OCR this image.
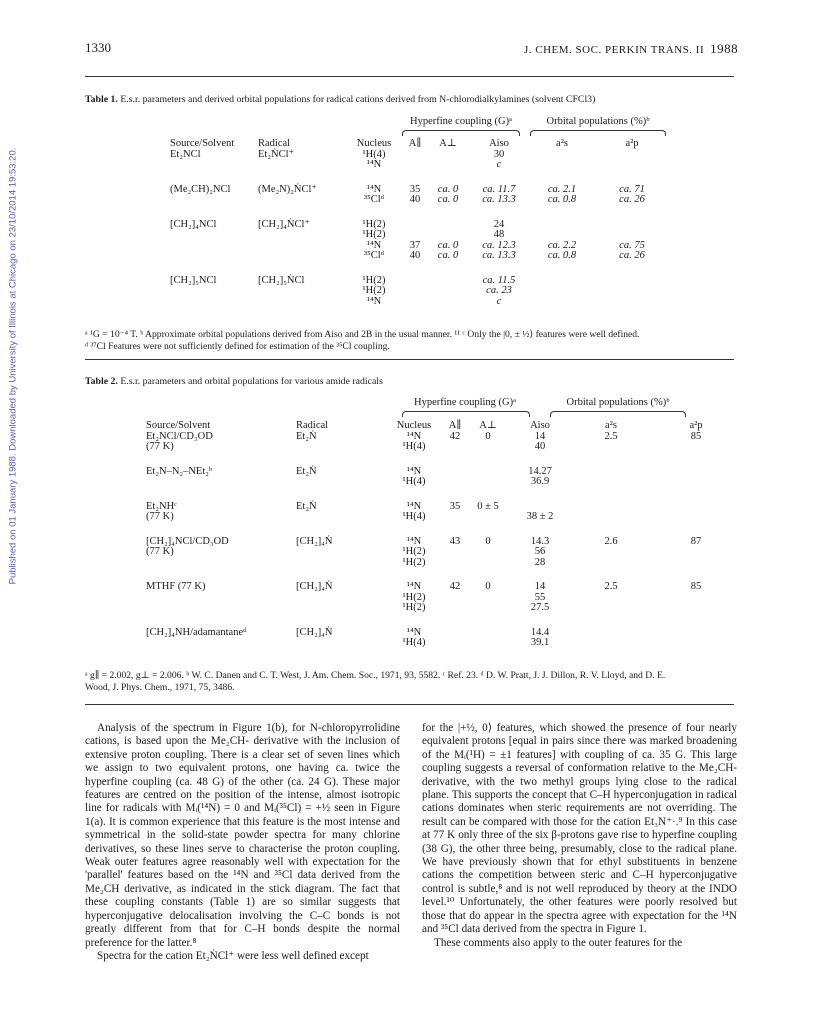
Published on 01 January 1988. Downloaded by University of Illinois at Chicago on 23/10/2014 19:53:20.
1330	J. CHEM. SOC. PERKIN TRANS. II 1988
Table 1. E.s.r. parameters and derived orbital populations for radical cations derived from N-chlorodialkylamines (solvent CFCl3)
Hyperfine coupling (G)ᵃ	Orbital populations (%)ᵇ
Source/Solvent	Radical	Nucleus	A∥	A⊥	Aiso	a²s	a²p
Et₂NCl	Et₂ṄCl⁺	¹H(4)			30		
		¹⁴N			c		

(Me₂CH)₂NCl	(Me₂N)₂ṄCl⁺	¹⁴N	35	ca. 0	ca. 11.7	ca. 2.1	ca. 71
		³⁵Clᵈ	40	ca. 0	ca. 13.3	ca. 0.8	ca. 26

[CH₂]₄NCl	[CH₂]₄ṄCl⁺	¹H(2)			24		
		¹H(2)			48		
		¹⁴N	37	ca. 0	ca. 12.3	ca. 2.2	ca. 75
		³⁵Clᵈ	40	ca. 0	ca. 13.3	ca. 0.8	ca. 26

[CH₂]₅NCl	[CH₂]₅ṄCl	¹H(2)			ca. 11.5		
		¹H(2)			ca. 23		
		¹⁴N			c		
ᵃ ¹G = 10⁻⁴ T. ᵇ Approximate orbital populations derived from Aiso and 2B in the usual manner. ¹¹ ᶜ Only the |0, ± ½⟩ features were well defined.
ᵈ ³⁷Cl Features were not sufficiently defined for estimation of the ³⁵Cl coupling.
Table 2. E.s.r. parameters and orbital populations for various amide radicals
Hyperfine coupling (G)ᵃ	Orbital populations (%)ᵇ
Source/Solvent	Radical	Nucleus	A∥	A⊥	Aiso	a²s	a²p
Et₂NCl/CD₃OD	Et₂Ṅ	¹⁴N	42	0	14	2.5	85
(77 K)		¹H(4)			40		

Et₂N–N₂–NEt₂ᵇ	Et₂Ṅ	¹⁴N			14.27		
		¹H(4)			36.9		

Et₂NHᶜ	Et₂Ṅ	¹⁴N	35	0 ± 5			
(77 K)		¹H(4)			38 ± 2		

[CH₂]₄NCl/CD₃OD	[CH₂]₄Ṅ	¹⁴N	43	0	14.3	2.6	87
(77 K)		¹H(2)			56		
		¹H(2)			28		

MTHF (77 K)	[CH₂]₄Ṅ	¹⁴N	42	0	14	2.5	85
		¹H(2)			55		
		¹H(2)			27.5		

[CH₂]₄NH/adamantaneᵈ	[CH₂]₄Ṅ	¹⁴N			14.4		
		¹H(4)			39.1		
ᵃ g∥ = 2.002, g⊥ = 2.006. ᵇ W. C. Danen and C. T. West, J. Am. Chem. Soc., 1971, 93, 5582. ᶜ Ref. 23. ᵈ D. W. Pratt, J. J. Dillon, R. V. Lloyd, and D. E.
Wood, J. Phys. Chem., 1971, 75, 3486.

Analysis of the spectrum in Figure 1(b), for N-chloropyrrolidine cations, is based upon the Me₂CH- derivative with the inclusion of extensive proton coupling. There is a clear set of seven lines which we assign to two equivalent protons, one having ca. twice the hyperfine coupling (ca. 48 G) of the other (ca. 24 G). These major features are centred on the position of the intense, almost isotropic line for radicals with Mᵢ(¹⁴N) = 0 and Mᵢ(³⁵Cl) = +½ seen in Figure 1(a). It is common experience that this feature is the most intense and symmetrical in the solid-state powder spectra for many chlorine derivatives, so these lines serve to characterise the proton coupling. Weak outer features agree reasonably well with expectation for the 'parallel' features based on the ¹⁴N and ³⁵Cl data derived from the Me₂CH derivative, as indicated in the stick diagram. The fact that these coupling constants (Table 1) are so similar suggests that hyperconjugative delocalisation involving the C–C bonds is not greatly different from that for C–H bonds despite the normal preference for the latter.⁸

Spectra for the cation Et₂ṄCl⁺ were less well defined except

for the |+½, 0⟩ features, which showed the presence of four nearly equivalent protons [equal in pairs since there was marked broadening of the Mᵢ(¹H) = ±1 features] with coupling of ca. 35 G. This large coupling suggests a reversal of conformation relative to the Me₂CH- derivative, with the two methyl groups lying close to the radical plane. This supports the concept that C–H hyperconjugation in radical cations dominates when steric requirements are not overriding. The result can be compared with those for the cation Et₃N⁺·.⁹ In this case at 77 K only three of the six β-protons gave rise to hyperfine coupling (38 G), the other three being, presumably, close to the radical plane. We have previously shown that for ethyl substituents in benzene cations the competition between steric and C–H hyperconjugative control is subtle,⁸ and is not well reproduced by theory at the INDO level.¹⁰ Unfortunately, the other features were poorly resolved but those that do appear in the spectra agree with expectation for the ¹⁴N and ³⁵Cl data derived from the spectra in Figure 1.

These comments also apply to the outer features for the
